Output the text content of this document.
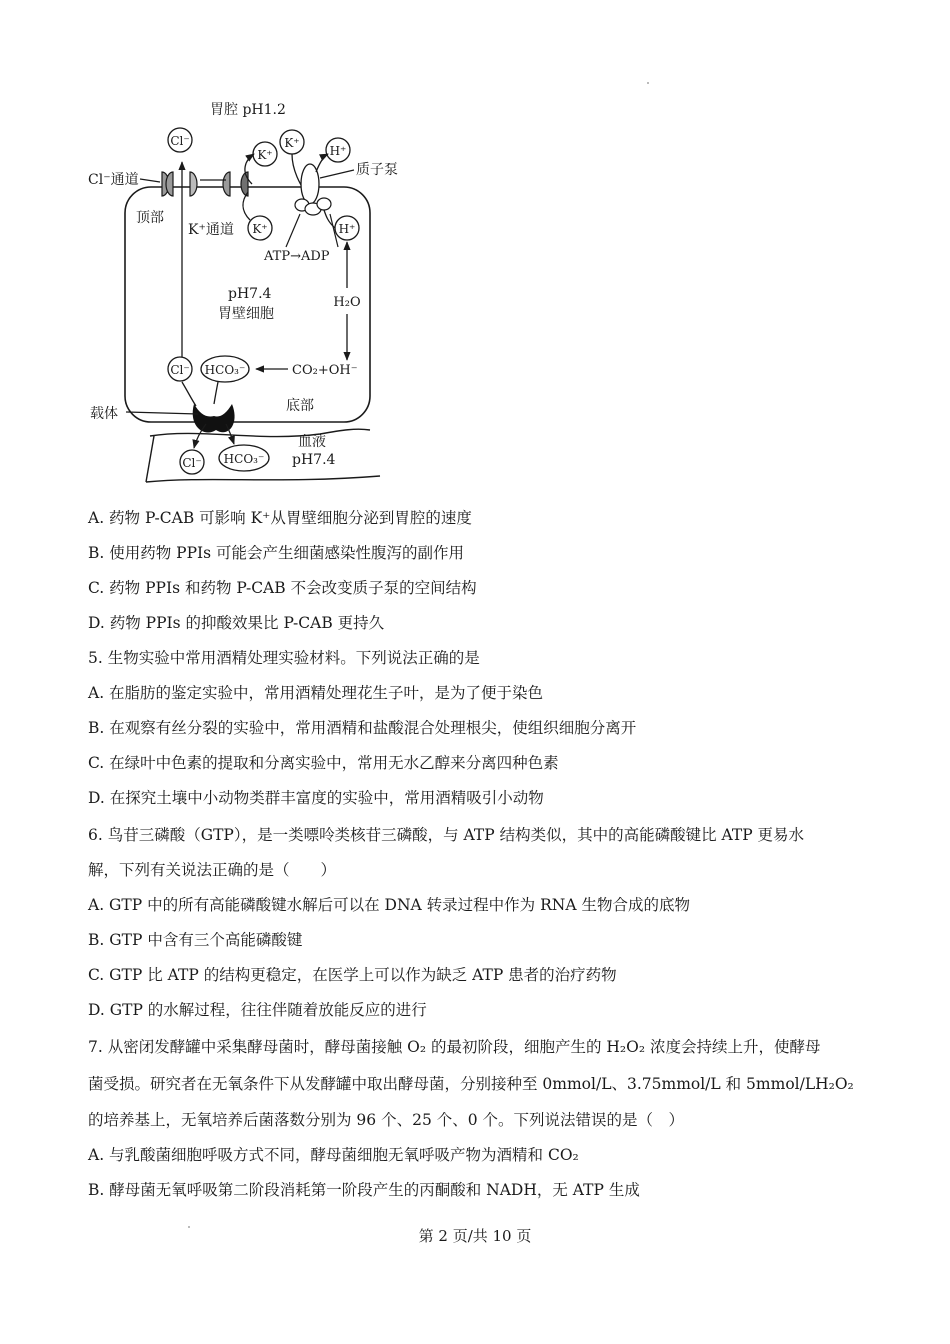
胃腔 pH1.2
Cl⁻通道
顶部
Cl⁻
K⁺通道
K⁺
K⁺
K⁺
质子泵
H⁺
H⁺
ATP→ADP
H₂O
pH7.4
胃壁细胞
CO₂+OH⁻
Cl⁻ HCO₃⁻
载体	底部
血液
pH7.4
Cl⁻ HCO₃⁻
A. 药物 P-CAB 可影响 K⁺从胃壁细胞分泌到胃腔的速度
B. 使用药物 PPIs 可能会产生细菌感染性腹泻的副作用
C. 药物 PPIs 和药物 P-CAB 不会改变质子泵的空间结构
D. 药物 PPIs 的抑酸效果比 P-CAB 更持久
5. 生物实验中常用酒精处理实验材料。下列说法正确的是
A. 在脂肪的鉴定实验中，常用酒精处理花生子叶，是为了便于染色
B. 在观察有丝分裂的实验中，常用酒精和盐酸混合处理根尖，使组织细胞分离开
C. 在绿叶中色素的提取和分离实验中，常用无水乙醇来分离四种色素
D. 在探究土壤中小动物类群丰富度的实验中，常用酒精吸引小动物
6. 鸟苷三磷酸（GTP），是一类嘌呤类核苷三磷酸，与 ATP 结构类似，其中的高能磷酸键比 ATP 更易水
解，下列有关说法正确的是（　　）
A. GTP 中的所有高能磷酸键水解后可以在 DNA 转录过程中作为 RNA 生物合成的底物
B. GTP 中含有三个高能磷酸键
C. GTP 比 ATP 的结构更稳定，在医学上可以作为缺乏 ATP 患者的治疗药物
D. GTP 的水解过程，往往伴随着放能反应的进行
7. 从密闭发酵罐中采集酵母菌时，酵母菌接触 O₂ 的最初阶段，细胞产生的 H₂O₂ 浓度会持续上升，使酵母
菌受损。研究者在无氧条件下从发酵罐中取出酵母菌，分别接种至 0mmol/L、3.75mmol/L 和 5mmol/LH₂O₂
的培养基上，无氧培养后菌落数分别为 96 个、25 个、0 个。下列说法错误的是（　）
A. 与乳酸菌细胞呼吸方式不同，酵母菌细胞无氧呼吸产物为酒精和 CO₂
B. 酵母菌无氧呼吸第二阶段消耗第一阶段产生的丙酮酸和 NADH，无 ATP 生成
第 2 页/共 10 页
